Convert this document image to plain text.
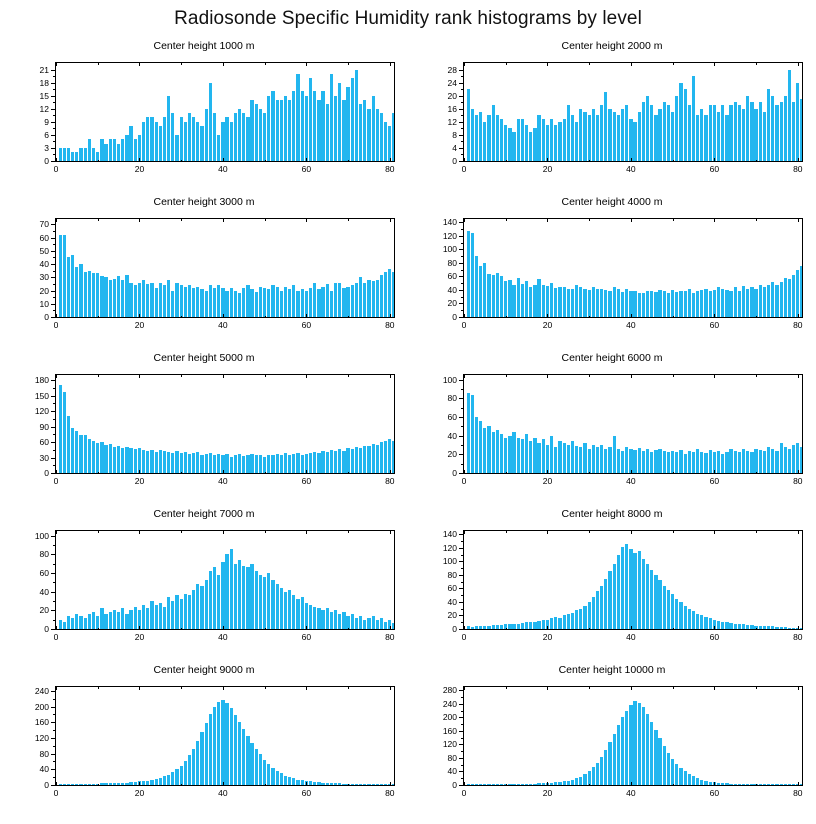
Radiosonde Specific Humidity rank histograms by level
Center height 1000 m
0
3
6
9
12
15
18
21
0	20	40	60	80
Center height 2000 m
0
4
8
12
16
20
24
28
0	20	40	60	80
Center height 3000 m
0
10
20
30
40
50
60
70
0	20	40	60	80
Center height 4000 m
0
20
40
60
80
100
120
140
0	20	40	60	80
Center height 5000 m
0
30
60
90
120
150
180
0	20	40	60	80
Center height 6000 m
0
20
40
60
80
100
0	20	40	60	80
Center height 7000 m
0
20
40
60
80
100
0	20	40	60	80
Center height 8000 m
0
20
40
60
80
100
120
140
0	20	40	60	80
Center height 9000 m
0
40
80
120
160
200
240
0	20	40	60	80
Center height 10000 m
0
40
80
120
160
200
240
280
0	20	40	60	80
